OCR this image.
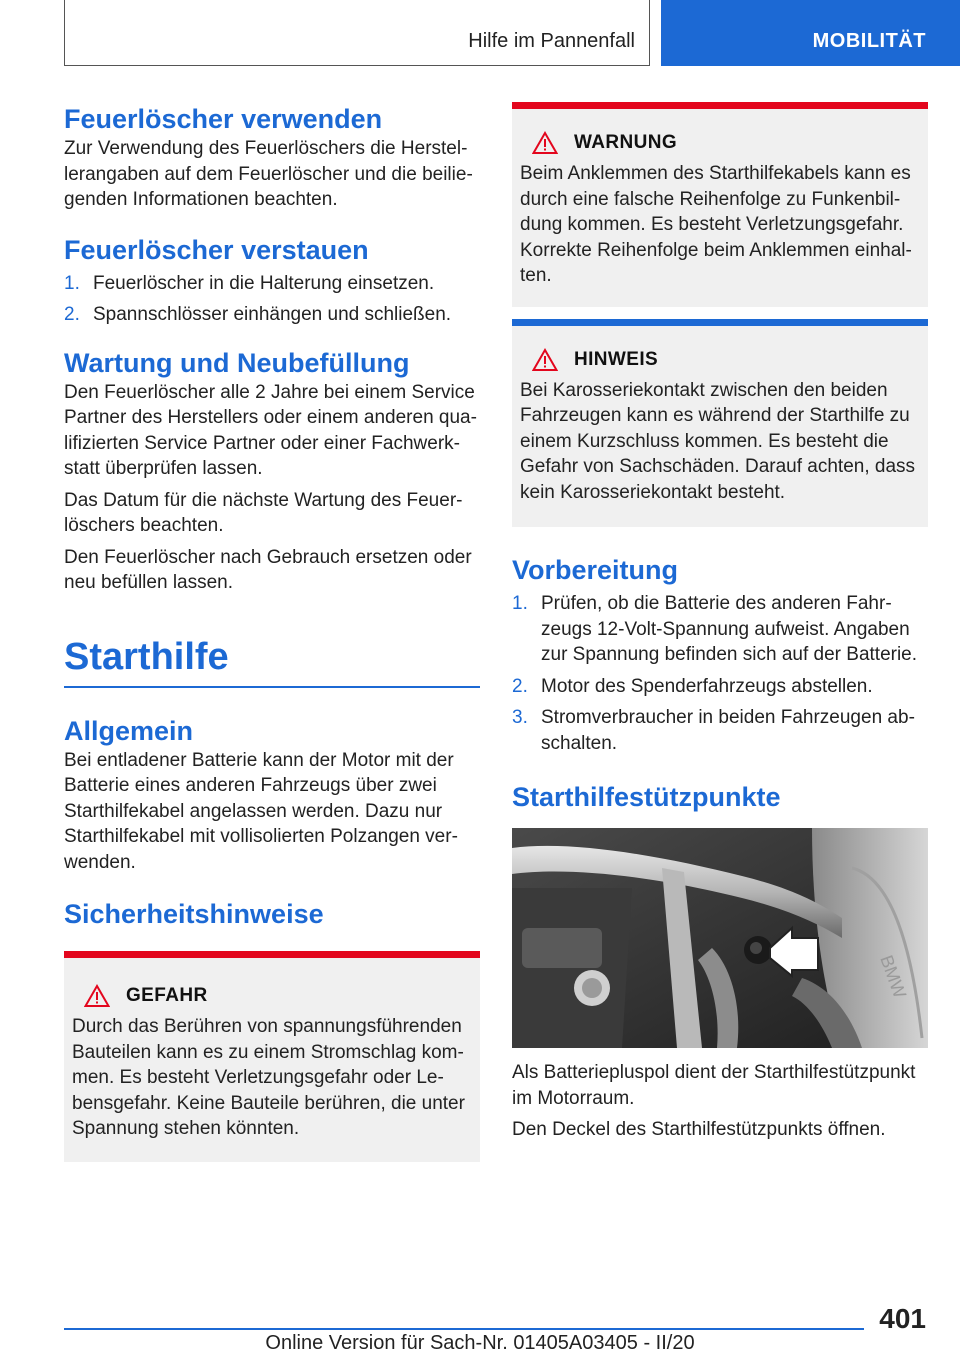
Hilfe im Pannenfall	MOBILITÄT
Feuerlöscher verwenden

Zur Verwendung des Feuerlöschers die Herstellerangaben auf dem Feuerlöscher und die beiliegenden Informationen beachten.

Feuerlöscher verstauen
1. Feuerlöscher in die Halterung einsetzen.
2. Spannschlösser einhängen und schließen.
Wartung und Neubefüllung

Den Feuerlöscher alle 2 Jahre bei einem Service Partner des Herstellers oder einem anderen qualifizierten Service Partner oder einer Fachwerkstatt überprüfen lassen.

Das Datum für die nächste Wartung des Feuerlöschers beachten.

Den Feuerlöscher nach Gebrauch ersetzen oder neu befüllen lassen.

Starthilfe
Allgemein

Bei entladener Batterie kann der Motor mit der Batterie eines anderen Fahrzeugs über zwei Starthilfekabel angelassen werden. Dazu nur Starthilfekabel mit vollisolierten Polzangen verwenden.

Sicherheitshinweise
GEFAHR

Durch das Berühren von spannungsführenden Bauteilen kann es zu einem Stromschlag kommen. Es besteht Verletzungsgefahr oder Lebensgefahr. Keine Bauteile berühren, die unter Spannung stehen könnten.

WARNUNG

Beim Anklemmen des Starthilfekabels kann es durch eine falsche Reihenfolge zu Funkenbildung kommen. Es besteht Verletzungsgefahr. Korrekte Reihenfolge beim Anklemmen einhalten.

HINWEIS

Bei Karosseriekontakt zwischen den beiden Fahrzeugen kann es während der Starthilfe zu einem Kurzschluss kommen. Es besteht die Gefahr von Sachschäden. Darauf achten, dass kein Karosseriekontakt besteht.

Vorbereitung
1. Prüfen, ob die Batterie des anderen Fahrzeugs 12-Volt-Spannung aufweist. Angaben zur Spannung befinden sich auf der Batterie.
2. Motor des Spenderfahrzeugs abstellen.
3. Stromverbraucher in beiden Fahrzeugen abschalten.
Starthilfestützpunkte
BMW

Als Batteriepluspol dient der Starthilfestützpunkt im Motorraum.

Den Deckel des Starthilfestützpunkts öffnen.

401
Online Version für Sach-Nr. 01405A03405 - II/20
